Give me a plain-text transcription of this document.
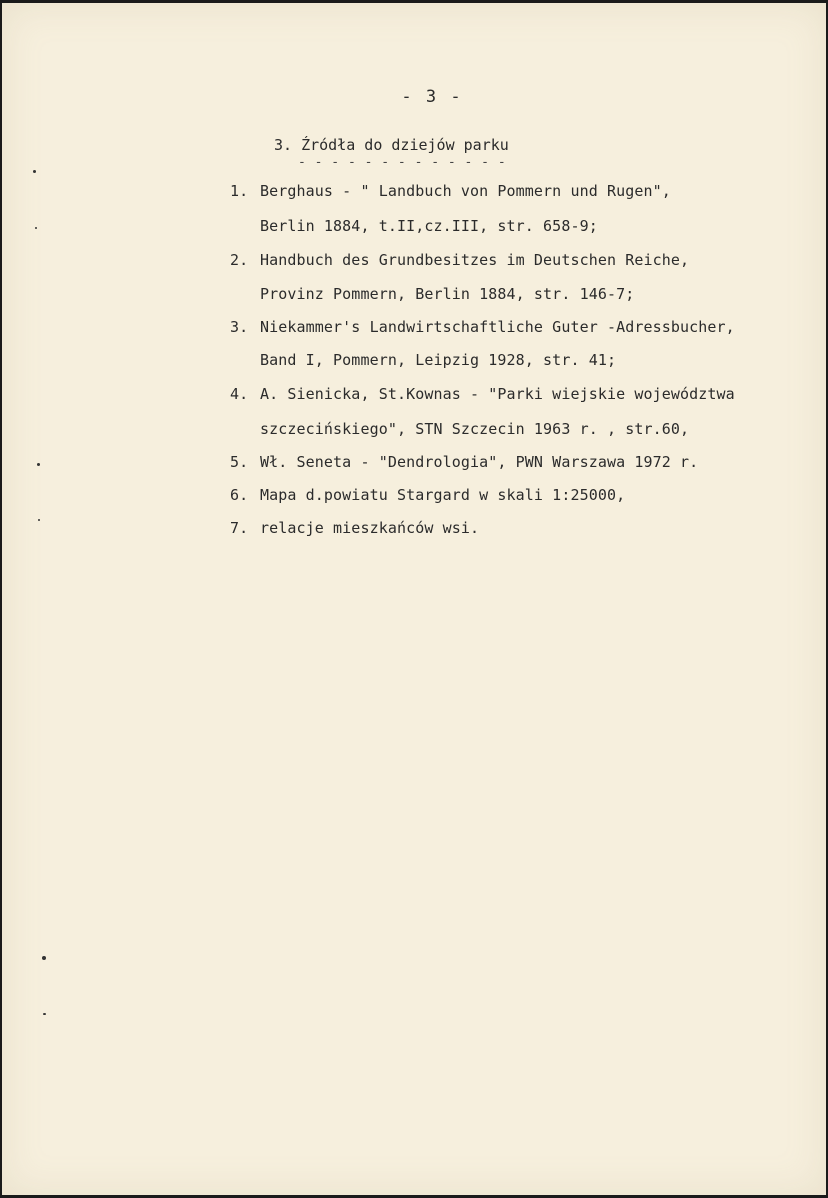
- 3 -
3. Źródła do dziejów parku
- - - - - - - - - - - - -
1. Berghaus - " Landbuch von Pommern und Rugen",
Berlin 1884, t.II,cz.III, str. 658-9;
2. Handbuch des Grundbesitzes im Deutschen Reiche,
Provinz Pommern, Berlin 1884, str. 146-7;
3. Niekammer's Landwirtschaftliche Guter -Adressbucher,
Band I, Pommern, Leipzig 1928, str. 41;
4. A. Sienicka, St.Kownas - "Parki wiejskie województwa
szczecińskiego", STN Szczecin 1963 r. , str.60,
5. Wł. Seneta - "Dendrologia", PWN Warszawa 1972 r.
6. Mapa d.powiatu Stargard w skali 1:25000,
7. relacje mieszkańców wsi.
